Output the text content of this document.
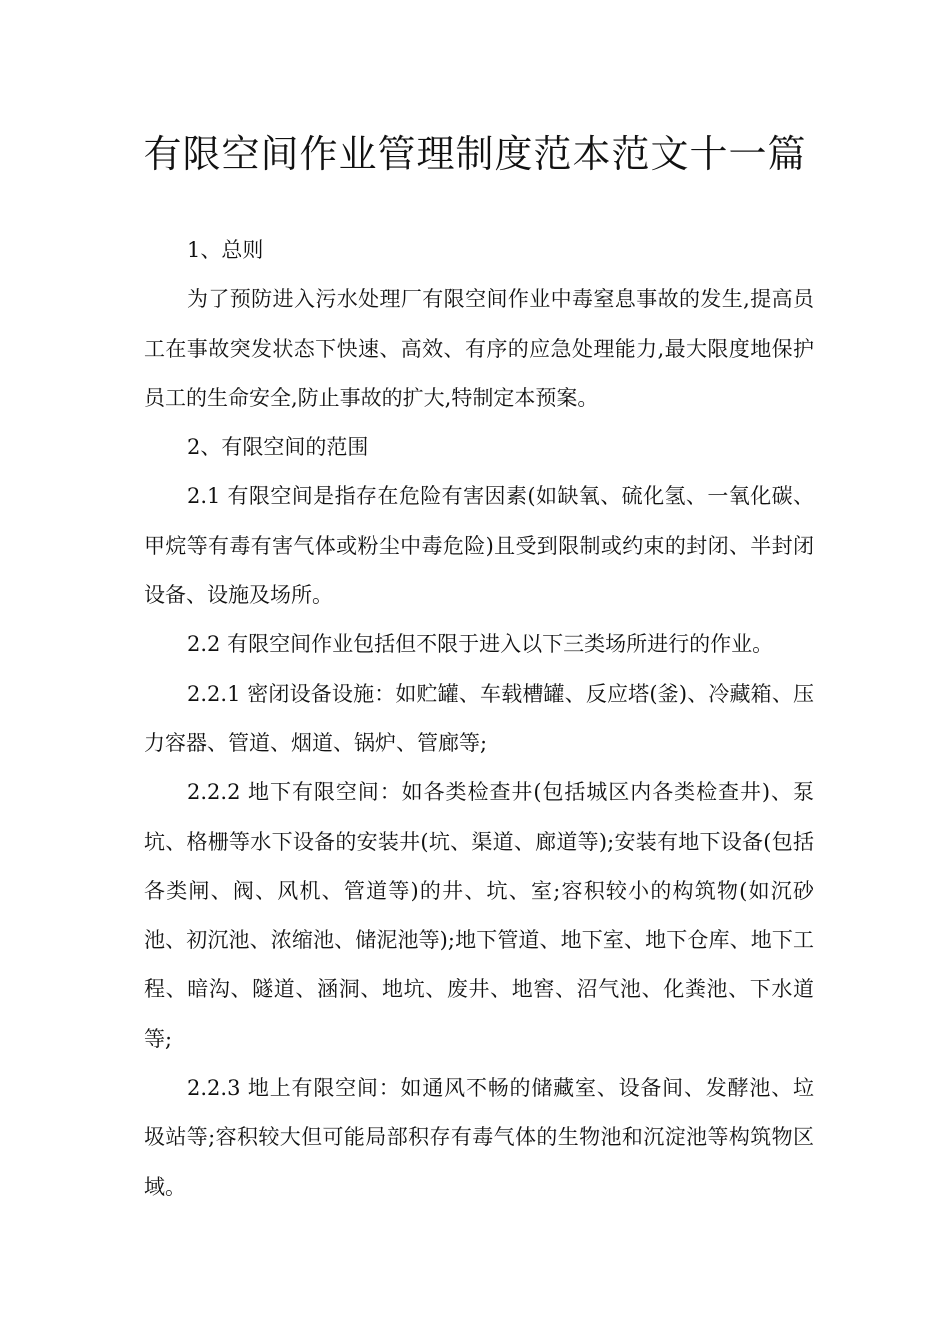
有限空间作业管理制度范本范文十一篇

1、总则

为了预防进入污水处理厂有限空间作业中毒窒息事故的发生,提高员工在事故突发状态下快速、高效、有序的应急处理能力,最大限度地保护员工的生命安全,防止事故的扩大,特制定本预案。

2、有限空间的范围

2.1 有限空间是指存在危险有害因素(如缺氧、硫化氢、一氧化碳、甲烷等有毒有害气体或粉尘中毒危险)且受到限制或约束的封闭、半封闭设备、设施及场所。

2.2 有限空间作业包括但不限于进入以下三类场所进行的作业。

2.2.1 密闭设备设施：如贮罐、车载槽罐、反应塔(釜)、冷藏箱、压力容器、管道、烟道、锅炉、管廊等;

2.2.2 地下有限空间：如各类检查井(包括城区内各类检查井)、泵坑、格栅等水下设备的安装井(坑、渠道、廊道等);安装有地下设备(包括各类闸、阀、风机、管道等)的井、坑、室;容积较小的构筑物(如沉砂池、初沉池、浓缩池、储泥池等);地下管道、地下室、地下仓库、地下工程、暗沟、隧道、涵洞、地坑、废井、地窖、沼气池、化粪池、下水道等;

2.2.3 地上有限空间：如通风不畅的储藏室、设备间、发酵池、垃圾站等;容积较大但可能局部积存有毒气体的生物池和沉淀池等构筑物区域。
